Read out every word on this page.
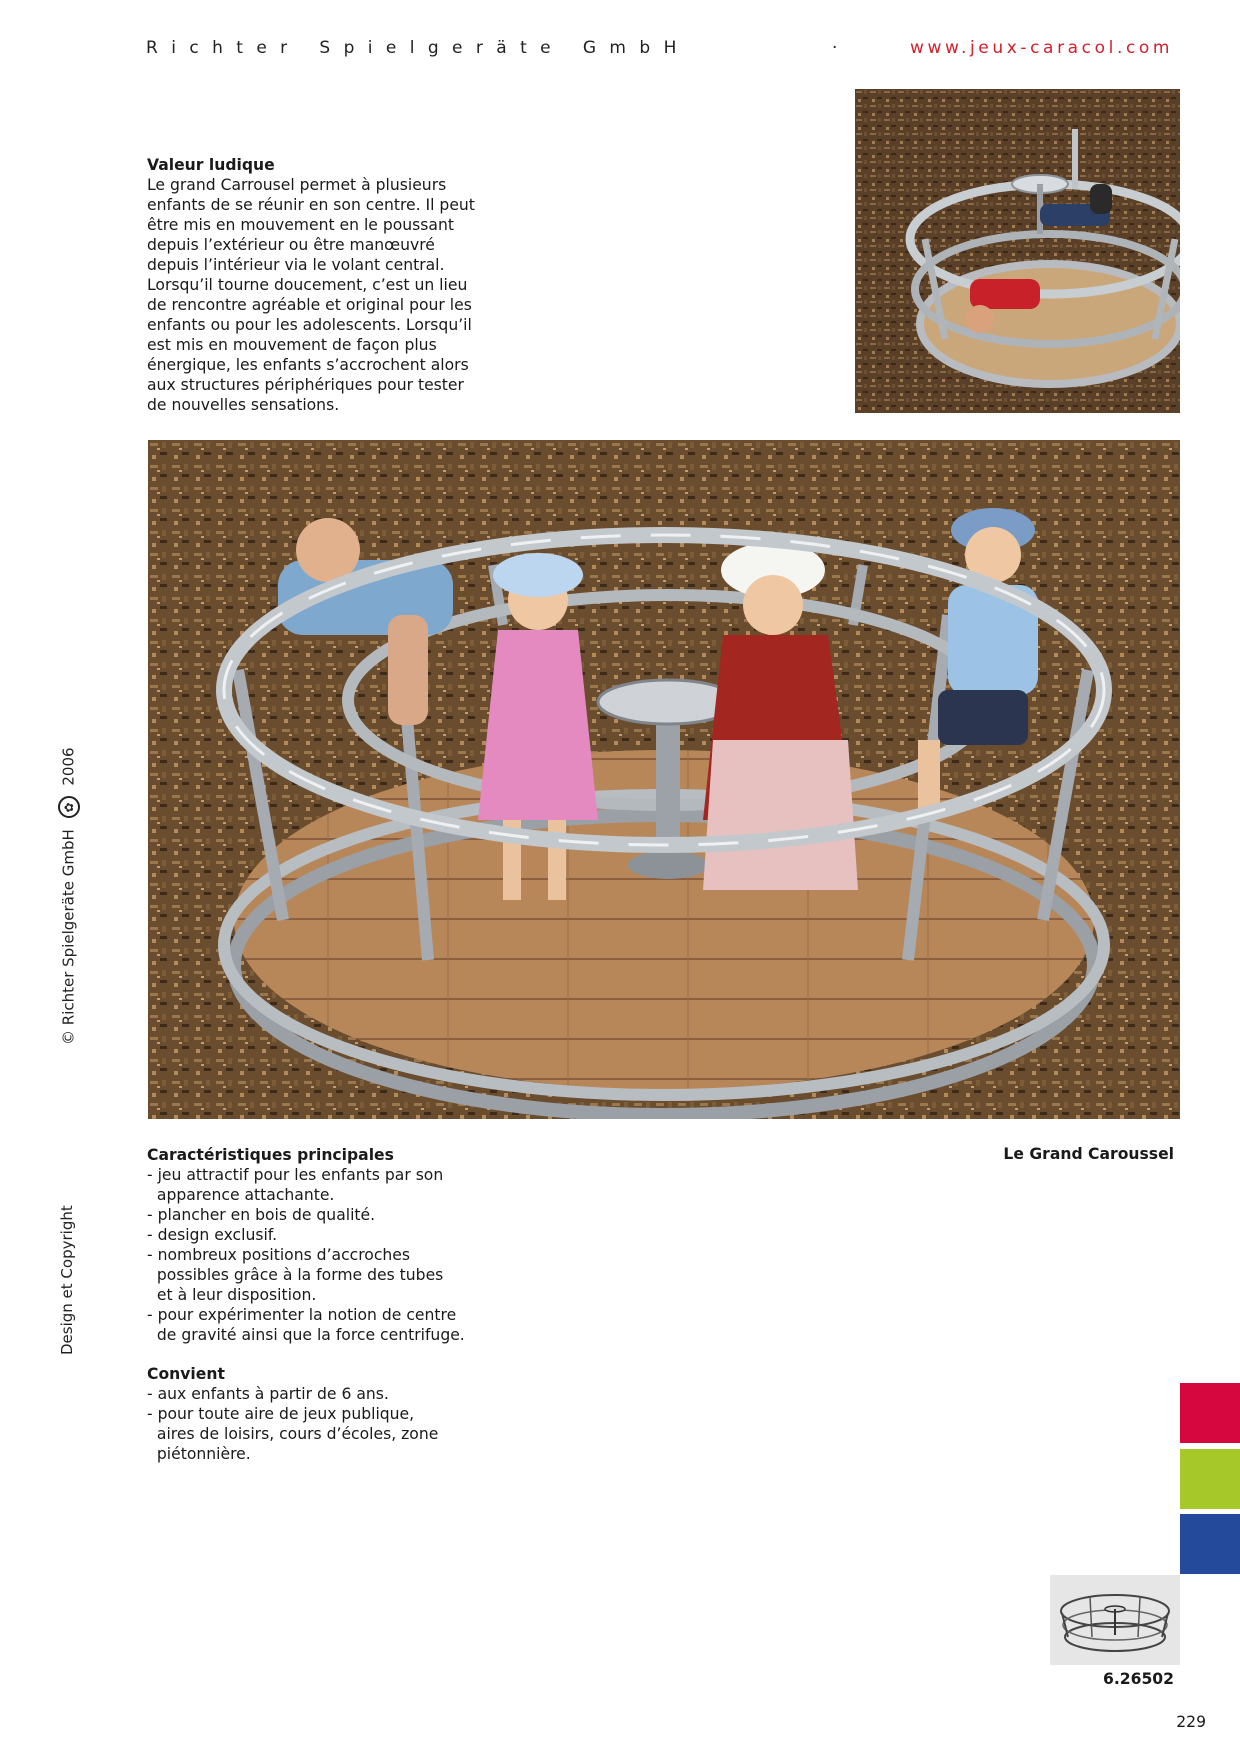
Richter Spielgeräte GmbH	·	www.jeux-caracol.com
Valeur ludique
Le grand Carrousel permet à plusieurs
enfants de se réunir en son centre. Il peut
être mis en mouvement en le poussant
depuis l’extérieur ou être manœuvré
depuis l’intérieur via le volant central.
Lorsqu’il tourne doucement, c’est un lieu
de rencontre agréable et original pour les
enfants ou pour les adolescents. Lorsqu’il
est mis en mouvement de façon plus
énergique, les enfants s’accrochent alors
aux structures périphériques pour tester
de nouvelles sensations.
Caractéristiques principales
- jeu attractif pour les enfants par son
apparence attachante.
- plancher en bois de qualité.
- design exclusif.
- nombreux positions d’accroches
possibles grâce à la forme des tubes
et à leur disposition.
- pour expérimenter la notion de centre
de gravité ainsi que la force centrifuge.
Convient
- aux enfants à partir de 6 ans.
- pour toute aire de jeux publique,
aires de loisirs, cours d’écoles, zone
piétonnière.
Le Grand Caroussel
© Richter Spielgeräte GmbH ✿ 2006
Design et Copyright
6.26502
229
